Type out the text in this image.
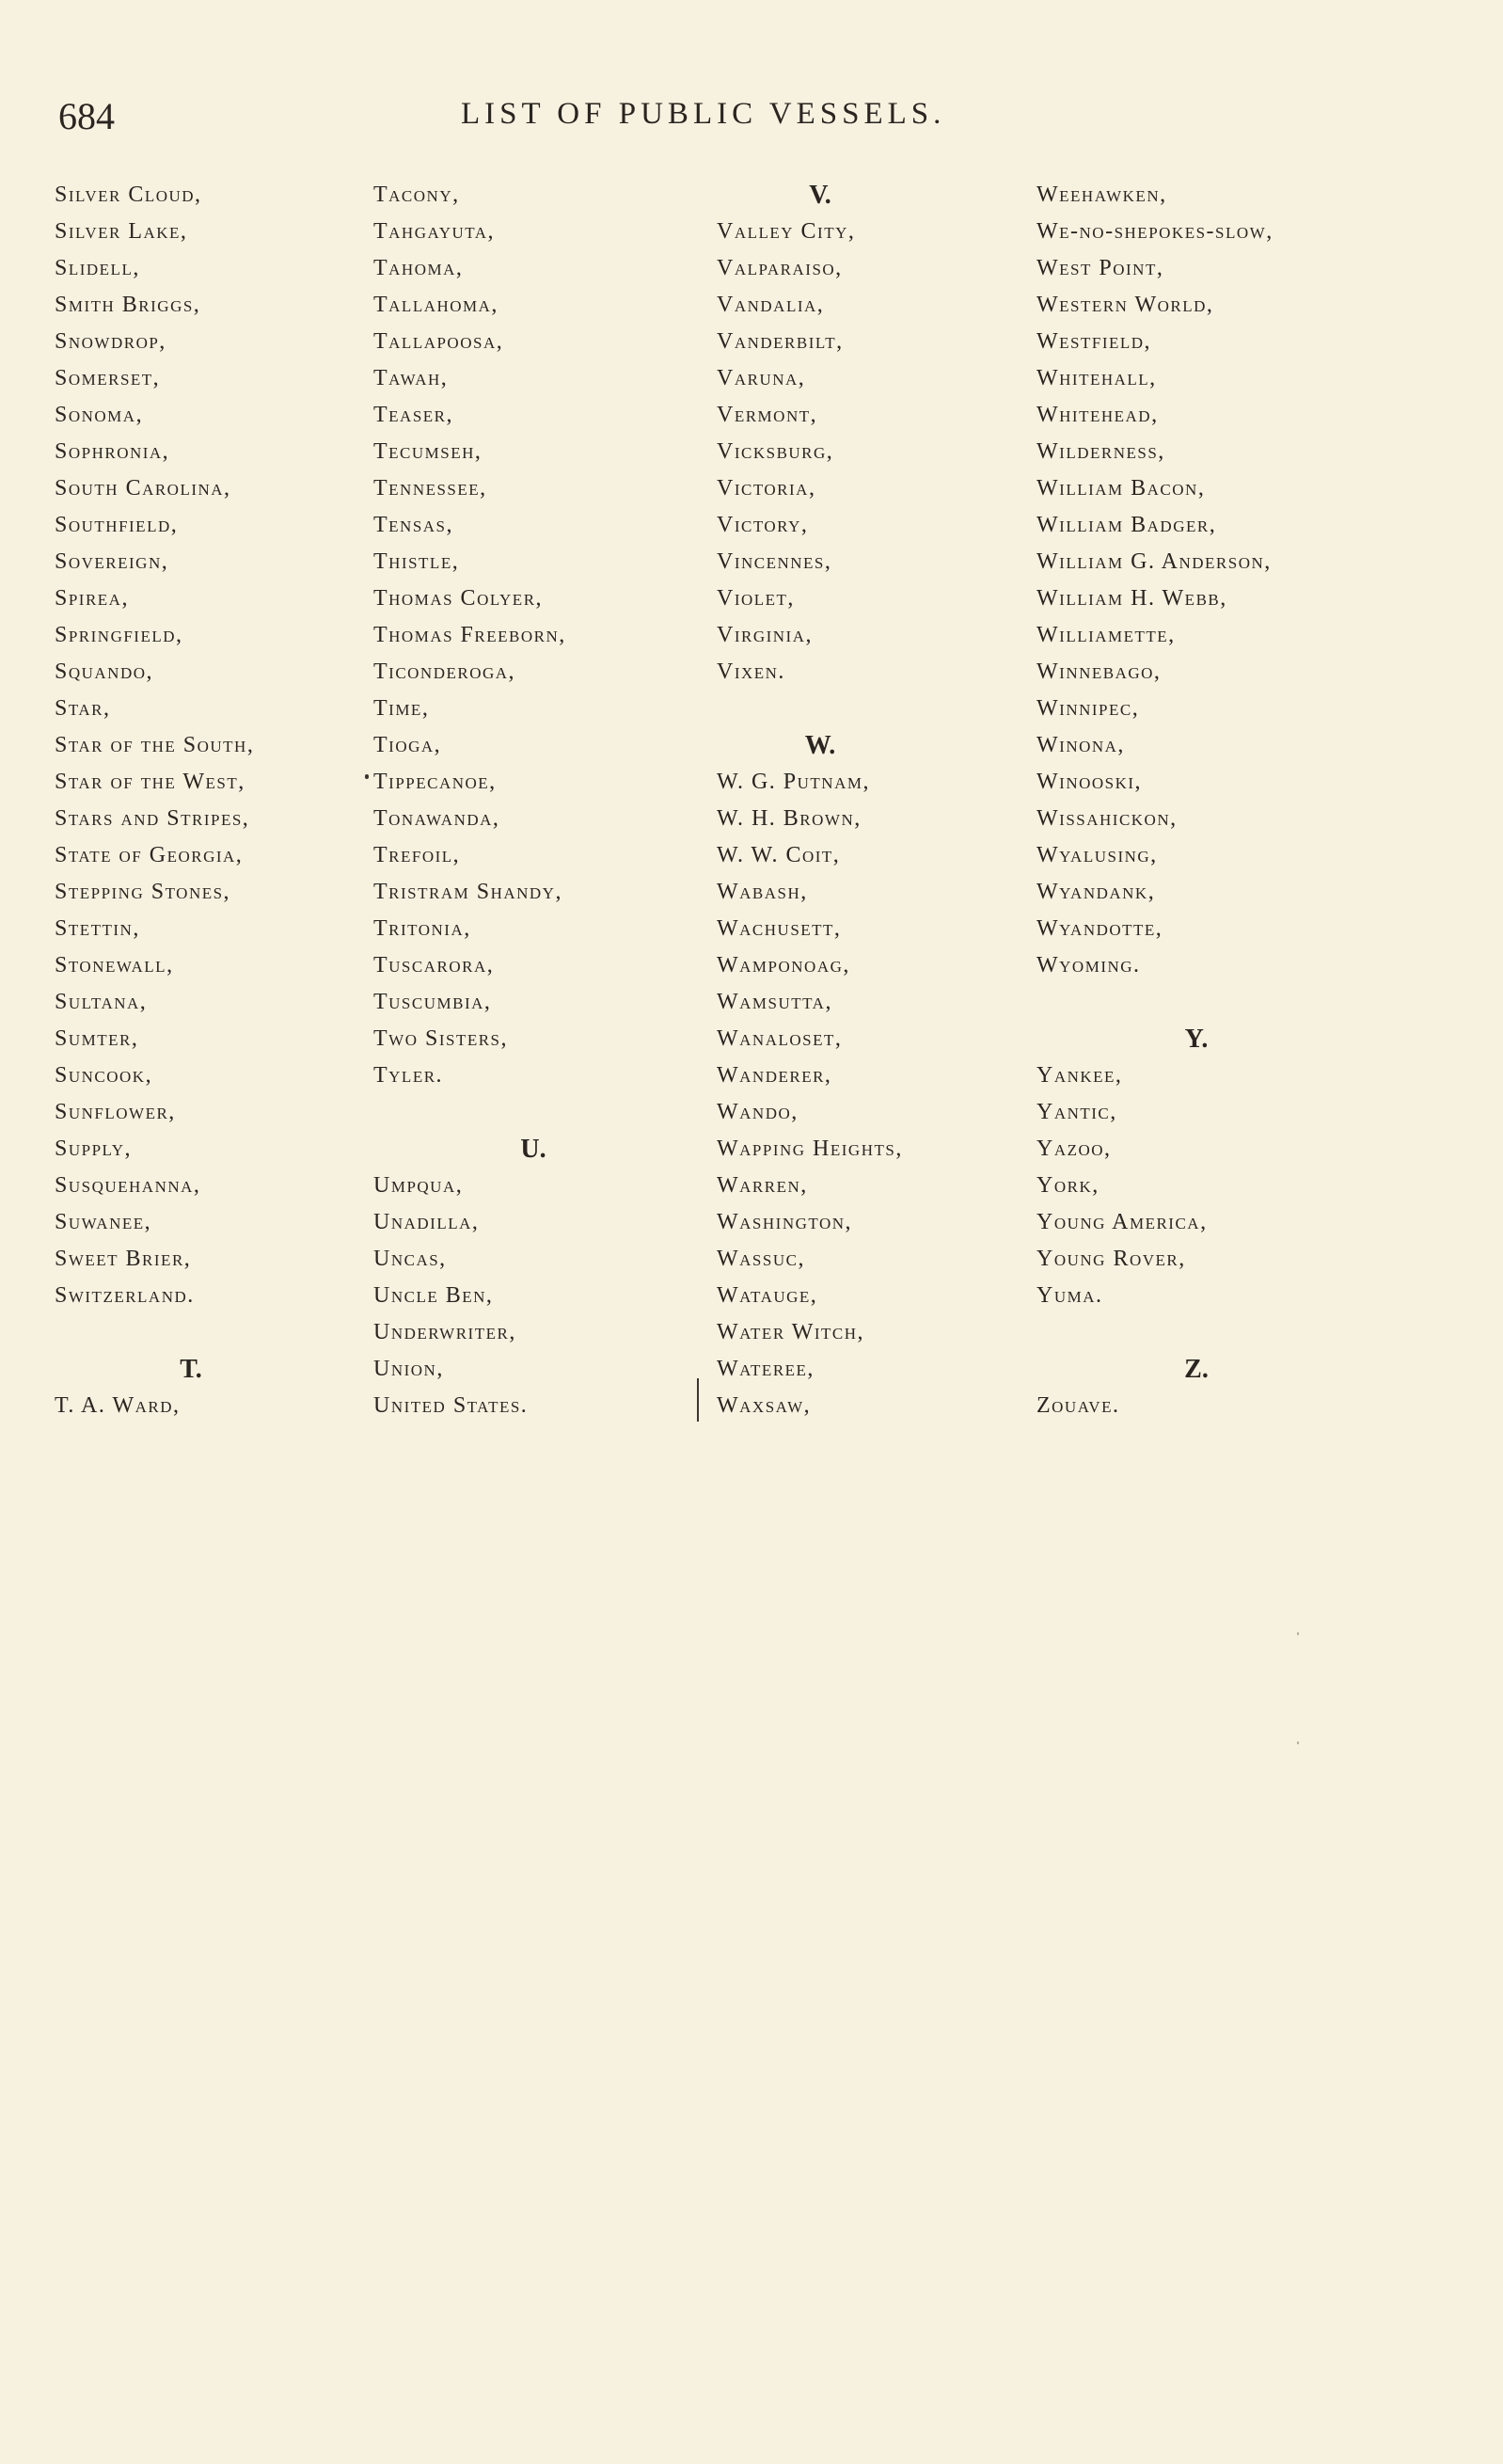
684	LIST OF PUBLIC VESSELS.
Silver Cloud,
Silver Lake,
Slidell,
Smith Briggs,
Snowdrop,
Somerset,
Sonoma,
Sophronia,
South Carolina,
Southfield,
Sovereign,
Spirea,
Springfield,
Squando,
Star,
Star of the South,
Star of the West,
Stars and Stripes,
State of Georgia,
Stepping Stones,
Stettin,
Stonewall,
Sultana,
Sumter,
Suncook,
Sunflower,
Supply,
Susquehanna,
Suwanee,
Sweet Brier,
Switzerland.
T.
T. A. Ward,
Tacony,
Tahgayuta,
Tahoma,
Tallahoma,
Tallapoosa,
Tawah,
Teaser,
Tecumseh,
Tennessee,
Tensas,
Thistle,
Thomas Colyer,
Thomas Freeborn,
Ticonderoga,
Time,
Tioga,
Tippecanoe,
Tonawanda,
Trefoil,
Tristram Shandy,
Tritonia,
Tuscarora,
Tuscumbia,
Two Sisters,
Tyler.
U.
Umpqua,
Unadilla,
Uncas,
Uncle Ben,
Underwriter,
Union,
United States.
V.
Valley City,
Valparaiso,
Vandalia,
Vanderbilt,
Varuna,
Vermont,
Vicksburg,
Victoria,
Victory,
Vincennes,
Violet,
Virginia,
Vixen.
W.
W. G. Putnam,
W. H. Brown,
W. W. Coit,
Wabash,
Wachusett,
Wamponoag,
Wamsutta,
Wanaloset,
Wanderer,
Wando,
Wapping Heights,
Warren,
Washington,
Wassuc,
Watauge,
Water Witch,
Wateree,
Waxsaw,
Weehawken,
We-no-shepokes-slow,
West Point,
Western World,
Westfield,
Whitehall,
Whitehead,
Wilderness,
William Bacon,
William Badger,
William G. Anderson,
William H. Webb,
Williamette,
Winnebago,
Winnipec,
Winona,
Winooski,
Wissahickon,
Wyalusing,
Wyandank,
Wyandotte,
Wyoming.
Y.
Yankee,
Yantic,
Yazoo,
York,
Young America,
Young Rover,
Yuma.
Z.
Zouave.
